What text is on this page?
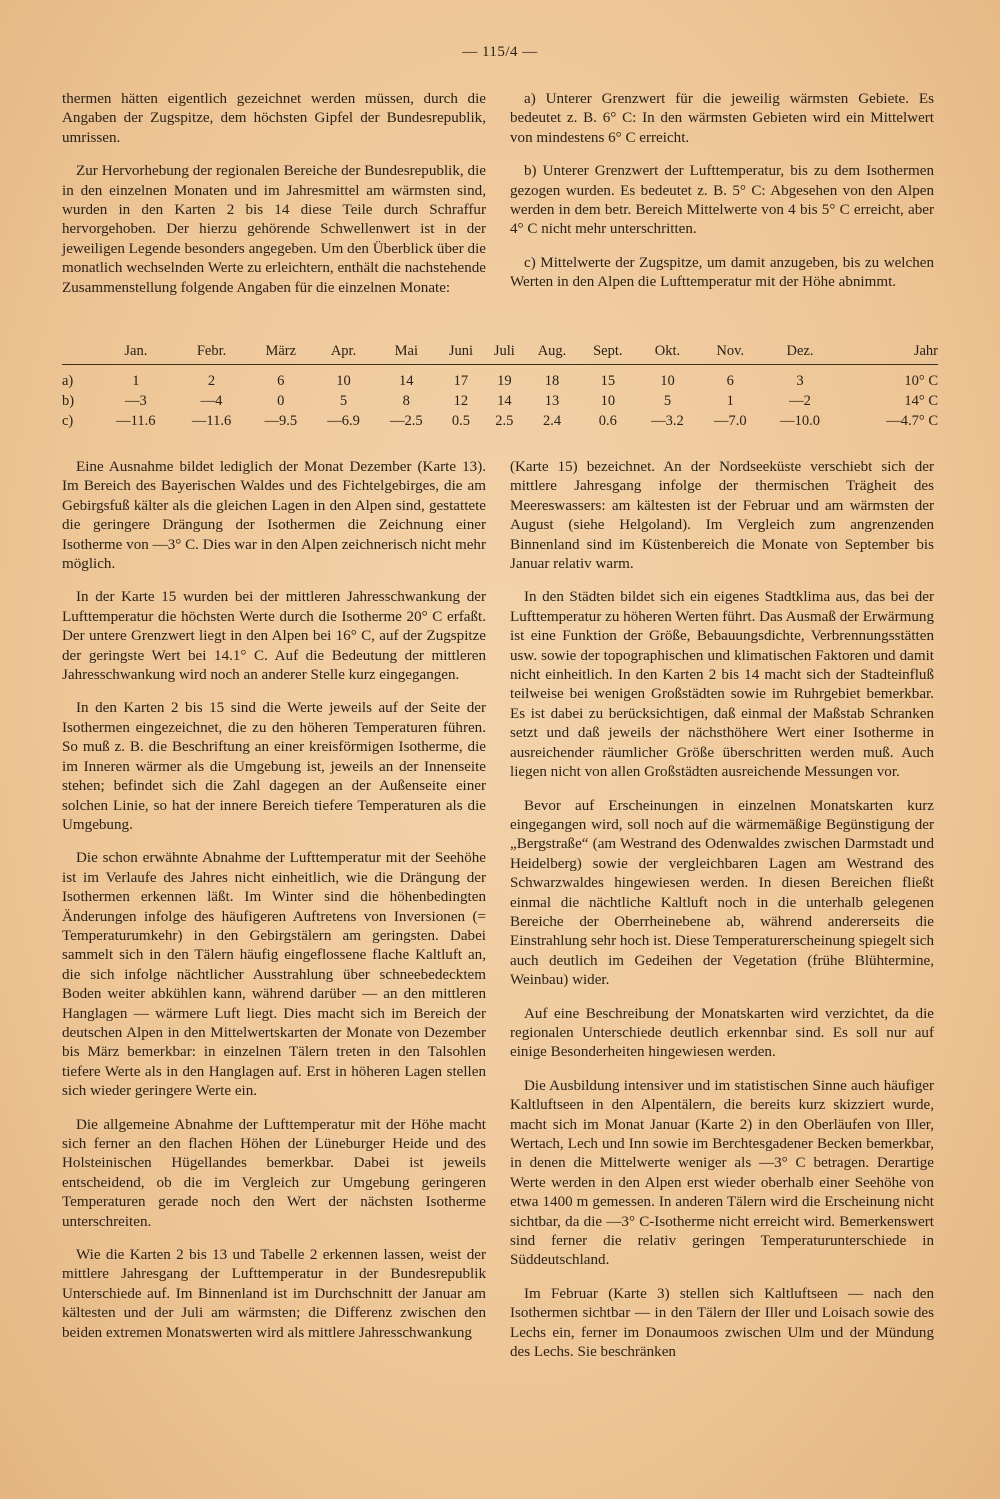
— 115/4 —

thermen hätten eigentlich gezeichnet werden müssen, durch die Angaben der Zugspitze, dem höchsten Gipfel der Bundesrepublik, umrissen.

Zur Hervorhebung der regionalen Bereiche der Bundesrepublik, die in den einzelnen Monaten und im Jahresmittel am wärmsten sind, wurden in den Karten 2 bis 14 diese Teile durch Schraffur hervorgehoben. Der hierzu gehörende Schwellenwert ist in der jeweiligen Legende besonders angegeben. Um den Überblick über die monatlich wechselnden Werte zu erleichtern, enthält die nachstehende Zusammenstellung folgende Angaben für die einzelnen Monate:

a) Unterer Grenzwert für die jeweilig wärmsten Gebiete. Es bedeutet z. B. 6° C: In den wärmsten Gebieten wird ein Mittelwert von mindestens 6° C erreicht.

b) Unterer Grenzwert der Lufttemperatur, bis zu dem Isothermen gezogen wurden. Es bedeutet z. B. 5° C: Abgesehen von den Alpen werden in dem betr. Bereich Mittelwerte von 4 bis 5° C erreicht, aber 4° C nicht mehr unterschritten.

c) Mittelwerte der Zugspitze, um damit anzugeben, bis zu welchen Werten in den Alpen die Lufttemperatur mit der Höhe abnimmt.

	Jan.	Febr.	März	Apr.	Mai	Juni	Juli	Aug.	Sept.	Okt.	Nov.	Dez.	Jahr
a)	1	2	6	10	14	17	19	18	15	10	6	3	10° C
b)	—3	—4	0	5	8	12	14	13	10	5	1	—2	14° C
c)	—11.6	—11.6	—9.5	—6.9	—2.5	0.5	2.5	2.4	0.6	—3.2	—7.0	—10.0	—4.7° C

Eine Ausnahme bildet lediglich der Monat Dezember (Karte 13). Im Bereich des Bayerischen Waldes und des Fichtelgebirges, die am Gebirgsfuß kälter als die gleichen Lagen in den Alpen sind, gestattete die geringere Drängung der Isothermen die Zeichnung einer Isotherme von —3° C. Dies war in den Alpen zeichnerisch nicht mehr möglich.

In der Karte 15 wurden bei der mittleren Jahresschwankung der Lufttemperatur die höchsten Werte durch die Isotherme 20° C erfaßt. Der untere Grenzwert liegt in den Alpen bei 16° C, auf der Zugspitze der geringste Wert bei 14.1° C. Auf die Bedeutung der mittleren Jahresschwankung wird noch an anderer Stelle kurz eingegangen.

In den Karten 2 bis 15 sind die Werte jeweils auf der Seite der Isothermen eingezeichnet, die zu den höheren Temperaturen führen. So muß z. B. die Beschriftung an einer kreisförmigen Isotherme, die im Inneren wärmer als die Umgebung ist, jeweils an der Innenseite stehen; befindet sich die Zahl dagegen an der Außenseite einer solchen Linie, so hat der innere Bereich tiefere Temperaturen als die Umgebung.

Die schon erwähnte Abnahme der Lufttemperatur mit der Seehöhe ist im Verlaufe des Jahres nicht einheitlich, wie die Drängung der Isothermen erkennen läßt. Im Winter sind die höhenbedingten Änderungen infolge des häufigeren Auftretens von Inversionen (= Temperaturumkehr) in den Gebirgstälern am geringsten. Dabei sammelt sich in den Tälern häufig eingeflossene flache Kaltluft an, die sich infolge nächtlicher Ausstrahlung über schneebedecktem Boden weiter abkühlen kann, während darüber — an den mittleren Hanglagen — wärmere Luft liegt. Dies macht sich im Bereich der deutschen Alpen in den Mittelwertskarten der Monate von Dezember bis März bemerkbar: in einzelnen Tälern treten in den Talsohlen tiefere Werte als in den Hanglagen auf. Erst in höheren Lagen stellen sich wieder geringere Werte ein.

Die allgemeine Abnahme der Lufttemperatur mit der Höhe macht sich ferner an den flachen Höhen der Lüneburger Heide und des Holsteinischen Hügellandes bemerkbar. Dabei ist jeweils entscheidend, ob die im Vergleich zur Umgebung geringeren Temperaturen gerade noch den Wert der nächsten Isotherme unterschreiten.

Wie die Karten 2 bis 13 und Tabelle 2 erkennen lassen, weist der mittlere Jahresgang der Lufttemperatur in der Bundesrepublik Unterschiede auf. Im Binnenland ist im Durchschnitt der Januar am kältesten und der Juli am wärmsten; die Differenz zwischen den beiden extremen Monatswerten wird als mittlere Jahresschwankung

(Karte 15) bezeichnet. An der Nordseeküste verschiebt sich der mittlere Jahresgang infolge der thermischen Trägheit des Meereswassers: am kältesten ist der Februar und am wärmsten der August (siehe Helgoland). Im Vergleich zum angrenzenden Binnenland sind im Küstenbereich die Monate von September bis Januar relativ warm.

In den Städten bildet sich ein eigenes Stadtklima aus, das bei der Lufttemperatur zu höheren Werten führt. Das Ausmaß der Erwärmung ist eine Funktion der Größe, Bebauungsdichte, Verbrennungsstätten usw. sowie der topographischen und klimatischen Faktoren und damit nicht einheitlich. In den Karten 2 bis 14 macht sich der Stadteinfluß teilweise bei wenigen Großstädten sowie im Ruhrgebiet bemerkbar. Es ist dabei zu berücksichtigen, daß einmal der Maßstab Schranken setzt und daß jeweils der nächsthöhere Wert einer Isotherme in ausreichender räumlicher Größe überschritten werden muß. Auch liegen nicht von allen Großstädten ausreichende Messungen vor.

Bevor auf Erscheinungen in einzelnen Monatskarten kurz eingegangen wird, soll noch auf die wärmemäßige Begünstigung der „Bergstraße“ (am Westrand des Odenwaldes zwischen Darmstadt und Heidelberg) sowie der vergleichbaren Lagen am Westrand des Schwarzwaldes hingewiesen werden. In diesen Bereichen fließt einmal die nächtliche Kaltluft noch in die unterhalb gelegenen Bereiche der Oberrheinebene ab, während andererseits die Einstrahlung sehr hoch ist. Diese Temperaturerscheinung spiegelt sich auch deutlich im Gedeihen der Vegetation (frühe Blühtermine, Weinbau) wider.

Auf eine Beschreibung der Monatskarten wird verzichtet, da die regionalen Unterschiede deutlich erkennbar sind. Es soll nur auf einige Besonderheiten hingewiesen werden.

Die Ausbildung intensiver und im statistischen Sinne auch häufiger Kaltluftseen in den Alpentälern, die bereits kurz skizziert wurde, macht sich im Monat Januar (Karte 2) in den Oberläufen von Iller, Wertach, Lech und Inn sowie im Berchtesgadener Becken bemerkbar, in denen die Mittelwerte weniger als —3° C betragen. Derartige Werte werden in den Alpen erst wieder oberhalb einer Seehöhe von etwa 1400 m gemessen. In anderen Tälern wird die Erscheinung nicht sichtbar, da die —3° C-Isotherme nicht erreicht wird. Bemerkenswert sind ferner die relativ geringen Temperaturunterschiede in Süddeutschland.

Im Februar (Karte 3) stellen sich Kaltluftseen — nach den Isothermen sichtbar — in den Tälern der Iller und Loisach sowie des Lechs ein, ferner im Donaumoos zwischen Ulm und der Mündung des Lechs. Sie beschränken
